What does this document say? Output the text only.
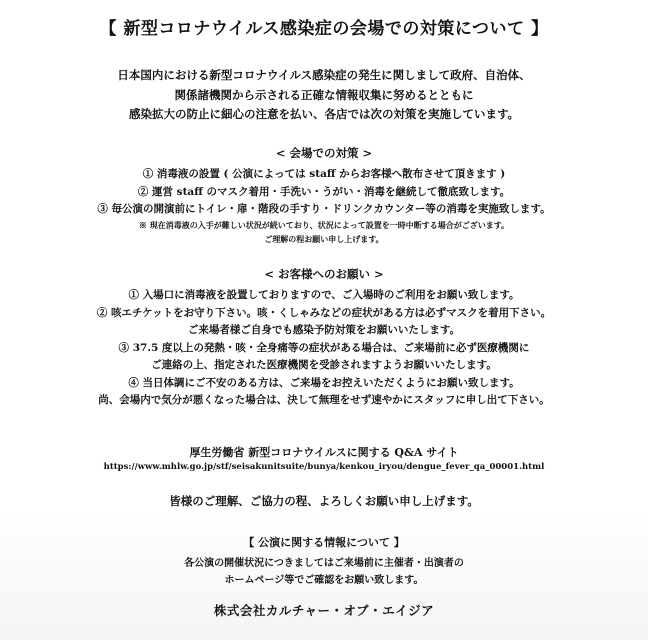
【 新型コロナウイルス感染症の会場での対策について 】
日本国内における新型コロナウイルス感染症の発生に関しまして政府、自治体、
関係諸機関から示される正確な情報収集に努めるとともに
感染拡大の防止に細心の注意を払い、各店では次の対策を実施しています。
< 会場での対策 >
① 消毒液の設置 ( 公演によっては staff からお客様へ散布させて頂きます )
② 運営 staff のマスク着用・手洗い・うがい・消毒を継続して徹底致します。
③ 毎公演の開演前にトイレ・扉・階段の手すり・ドリンクカウンター等の消毒を実施致します。
※ 現在消毒液の入手が難しい状況が続いており、状況によって設置を一時中断する場合がございます。
ご理解の程お願い申し上げます。
< お客様へのお願い >
① 入場口に消毒液を設置しておりますので、ご入場時のご利用をお願い致します。
② 咳エチケットをお守り下さい。咳・くしゃみなどの症状がある方は必ずマスクを着用下さい。
ご来場者様ご自身でも感染予防対策をお願いいたします。
③ 37.5 度以上の発熱・咳・全身痛等の症状がある場合は、ご来場前に必ず医療機関に
ご連絡の上、指定された医療機関を受診されますようお願いいたします。
④ 当日体調にご不安のある方は、ご来場をお控えいただくようにお願い致します。
尚、会場内で気分が悪くなった場合は、決して無理をせず速やかにスタッフに申し出て下さい。
厚生労働省 新型コロナウイルスに関する Q&A サイト
https://www.mhlw.go.jp/stf/seisakunitsuite/bunya/kenkou_iryou/dengue_fever_qa_00001.html
皆様のご理解、ご協力の程、よろしくお願い申し上げます。
【 公演に関する情報について 】
各公演の開催状況につきましてはご来場前に主催者・出演者の
ホームページ等でご確認をお願い致します。
株式会社カルチャー・オブ・エイジア
